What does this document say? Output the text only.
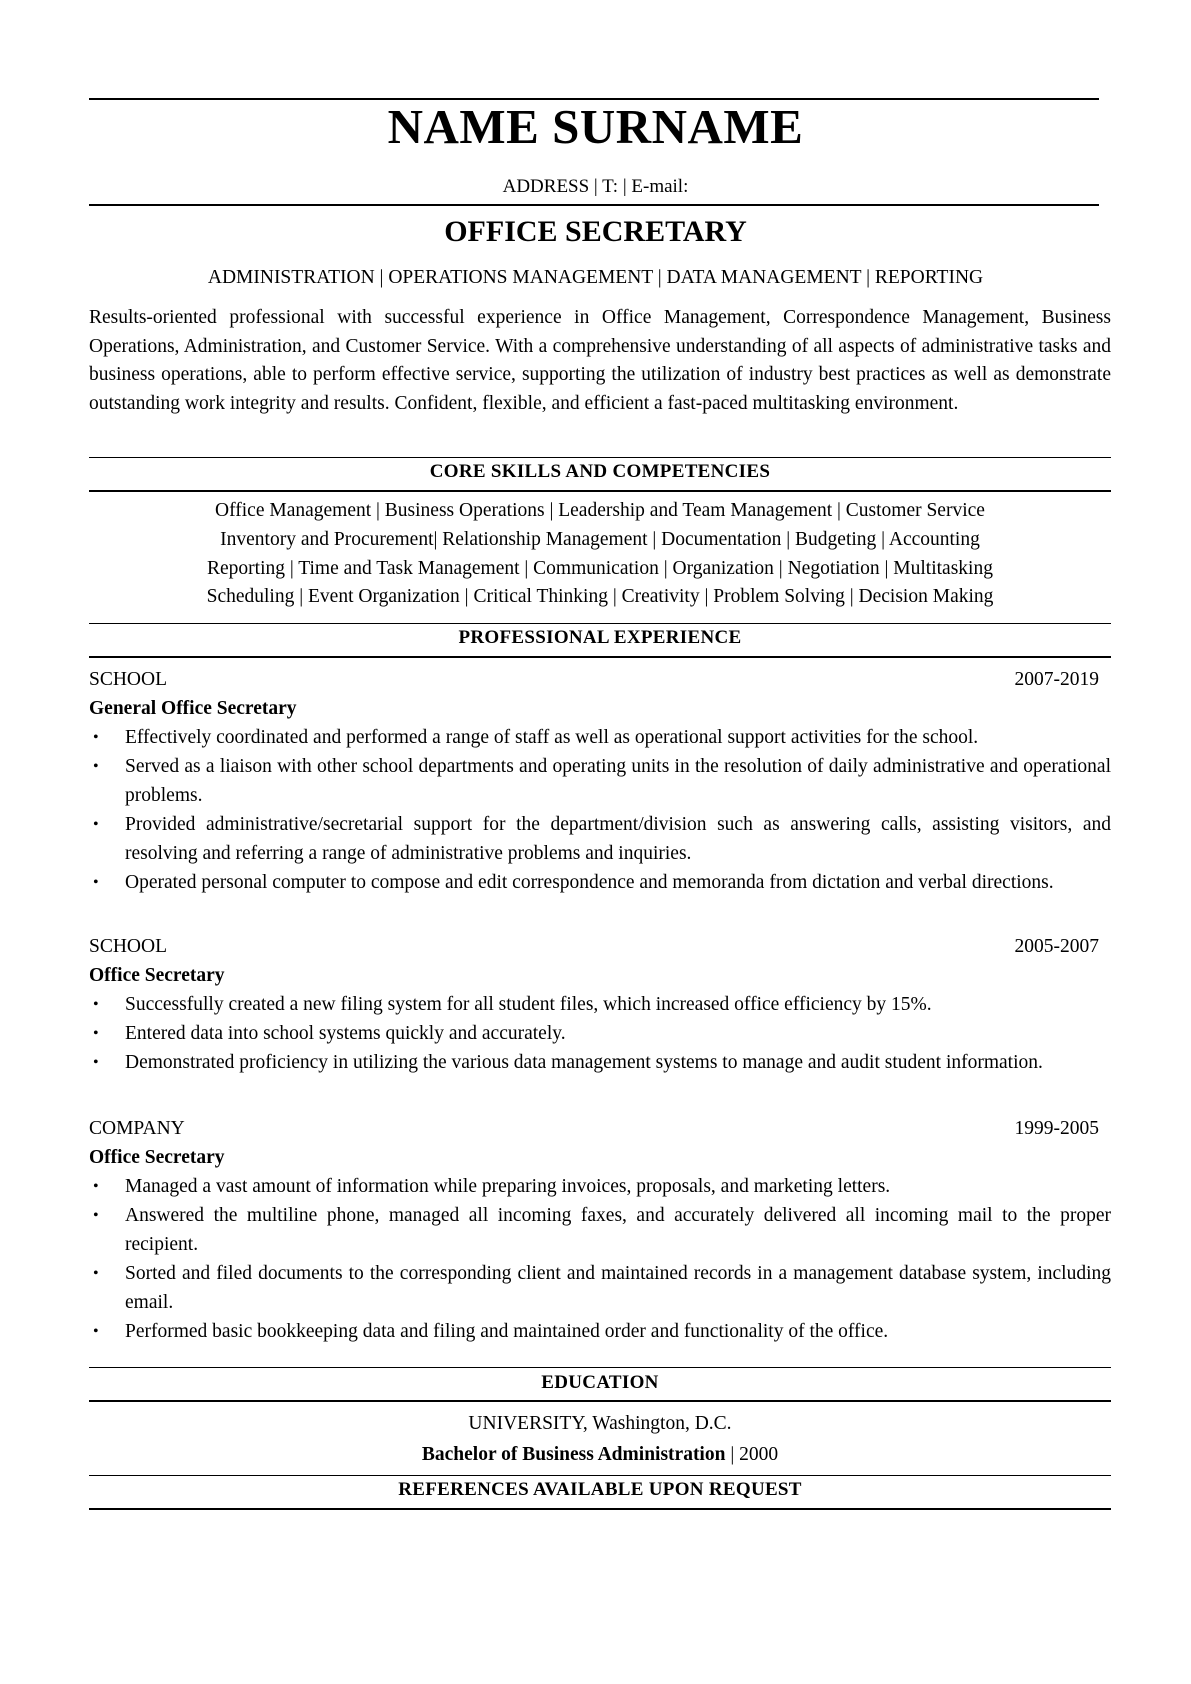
NAME SURNAME
ADDRESS | T: | E-mail:
OFFICE SECRETARY
ADMINISTRATION | OPERATIONS MANAGEMENT | DATA MANAGEMENT | REPORTING
Results-oriented professional with successful experience in Office Management, Correspondence Management, Business Operations, Administration, and Customer Service. With a comprehensive understanding of all aspects of administrative tasks and business operations, able to perform effective service, supporting the utilization of industry best practices as well as demonstrate outstanding work integrity and results. Confident, flexible, and efficient a fast-paced multitasking environment.
CORE SKILLS AND COMPETENCIES
Office Management | Business Operations | Leadership and Team Management | Customer Service
Inventory and Procurement| Relationship Management | Documentation | Budgeting | Accounting
Reporting | Time and Task Management | Communication | Organization | Negotiation | Multitasking
Scheduling | Event Organization | Critical Thinking | Creativity | Problem Solving | Decision Making
PROFESSIONAL EXPERIENCE
SCHOOL	2007-2019
General Office Secretary
• Effectively coordinated and performed a range of staff as well as operational support activities for the school.
• Served as a liaison with other school departments and operating units in the resolution of daily administrative and operational problems.
• Provided administrative/secretarial support for the department/division such as answering calls, assisting visitors, and resolving and referring a range of administrative problems and inquiries.
• Operated personal computer to compose and edit correspondence and memoranda from dictation and verbal directions.
SCHOOL	2005-2007
Office Secretary
• Successfully created a new filing system for all student files, which increased office efficiency by 15%.
• Entered data into school systems quickly and accurately.
• Demonstrated proficiency in utilizing the various data management systems to manage and audit student information.
COMPANY	1999-2005
Office Secretary
• Managed a vast amount of information while preparing invoices, proposals, and marketing letters.
• Answered the multiline phone, managed all incoming faxes, and accurately delivered all incoming mail to the proper recipient.
• Sorted and filed documents to the corresponding client and maintained records in a management database system, including email.
• Performed basic bookkeeping data and filing and maintained order and functionality of the office.
EDUCATION
UNIVERSITY, Washington, D.C.
Bachelor of Business Administration | 2000
REFERENCES AVAILABLE UPON REQUEST
